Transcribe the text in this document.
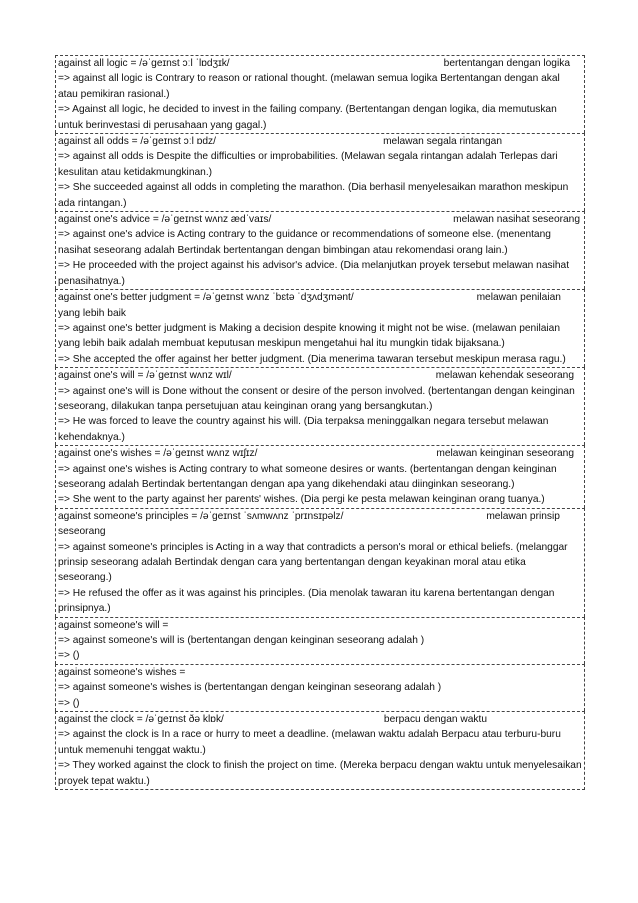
against all logic = /əˈɡeɪnst ɔːl ˈlɒdʒɪk/	bertentangan dengan logika
=> against all logic is Contrary to reason or rational thought. (melawan semua logika Bertentangan dengan akal atau pemikiran rasional.)
=> Against all logic, he decided to invest in the failing company. (Bertentangan dengan logika, dia memutuskan untuk berinvestasi di perusahaan yang gagal.)
against all odds = /əˈɡeɪnst ɔːl ɒdz/	melawan segala rintangan
=> against all odds is Despite the difficulties or improbabilities. (Melawan segala rintangan adalah Terlepas dari kesulitan atau ketidakmungkinan.)
=> She succeeded against all odds in completing the marathon. (Dia berhasil menyelesaikan marathon meskipun ada rintangan.)
against one's advice = /əˈɡeɪnst wʌnz ædˈvaɪs/	melawan nasihat seseorang
=> against one's advice is Acting contrary to the guidance or recommendations of someone else. (menentang nasihat seseorang adalah Bertindak bertentangan dengan bimbingan atau rekomendasi orang lain.)
=> He proceeded with the project against his advisor's advice. (Dia melanjutkan proyek tersebut melawan nasihat penasihatnya.)
against one's better judgment = /əˈɡeɪnst wʌnz ˈbɛtə ˈdʒʌdʒmənt/	melawan penilaian yang lebih baik
=> against one's better judgment is Making a decision despite knowing it might not be wise. (melawan penilaian yang lebih baik adalah membuat keputusan meskipun mengetahui hal itu mungkin tidak bijaksana.)
=> She accepted the offer against her better judgment. (Dia menerima tawaran tersebut meskipun merasa ragu.)
against one's will = /əˈɡeɪnst wʌnz wɪl/	melawan kehendak seseorang
=> against one's will is Done without the consent or desire of the person involved. (bertentangan dengan keinginan seseorang, dilakukan tanpa persetujuan atau keinginan orang yang bersangkutan.)
=> He was forced to leave the country against his will. (Dia terpaksa meninggalkan negara tersebut melawan kehendaknya.)
against one's wishes = /əˈɡeɪnst wʌnz wɪʃɪz/	melawan keinginan seseorang
=> against one's wishes is Acting contrary to what someone desires or wants. (bertentangan dengan keinginan seseorang adalah Bertindak bertentangan dengan apa yang dikehendaki atau diinginkan seseorang.)
=> She went to the party against her parents' wishes. (Dia pergi ke pesta melawan keinginan orang tuanya.)
against someone's principles = /əˈɡeɪnst ˈsʌmwʌnz ˈprɪnsɪpəlz/	melawan prinsip seseorang
=> against someone's principles is Acting in a way that contradicts a person's moral or ethical beliefs. (melanggar prinsip seseorang adalah Bertindak dengan cara yang bertentangan dengan keyakinan moral atau etika seseorang.)
=> He refused the offer as it was against his principles. (Dia menolak tawaran itu karena bertentangan dengan prinsipnya.)
against someone's will =
=> against someone's will is (bertentangan dengan keinginan seseorang adalah )
=> ()
against someone's wishes =
=> against someone's wishes is (bertentangan dengan keinginan seseorang adalah )
=> ()
against the clock = /əˈɡeɪnst ðə klɒk/	berpacu dengan waktu
=> against the clock is In a race or hurry to meet a deadline. (melawan waktu adalah Berpacu atau terburu-buru untuk memenuhi tenggat waktu.)
=> They worked against the clock to finish the project on time. (Mereka berpacu dengan waktu untuk menyelesaikan proyek tepat waktu.)
